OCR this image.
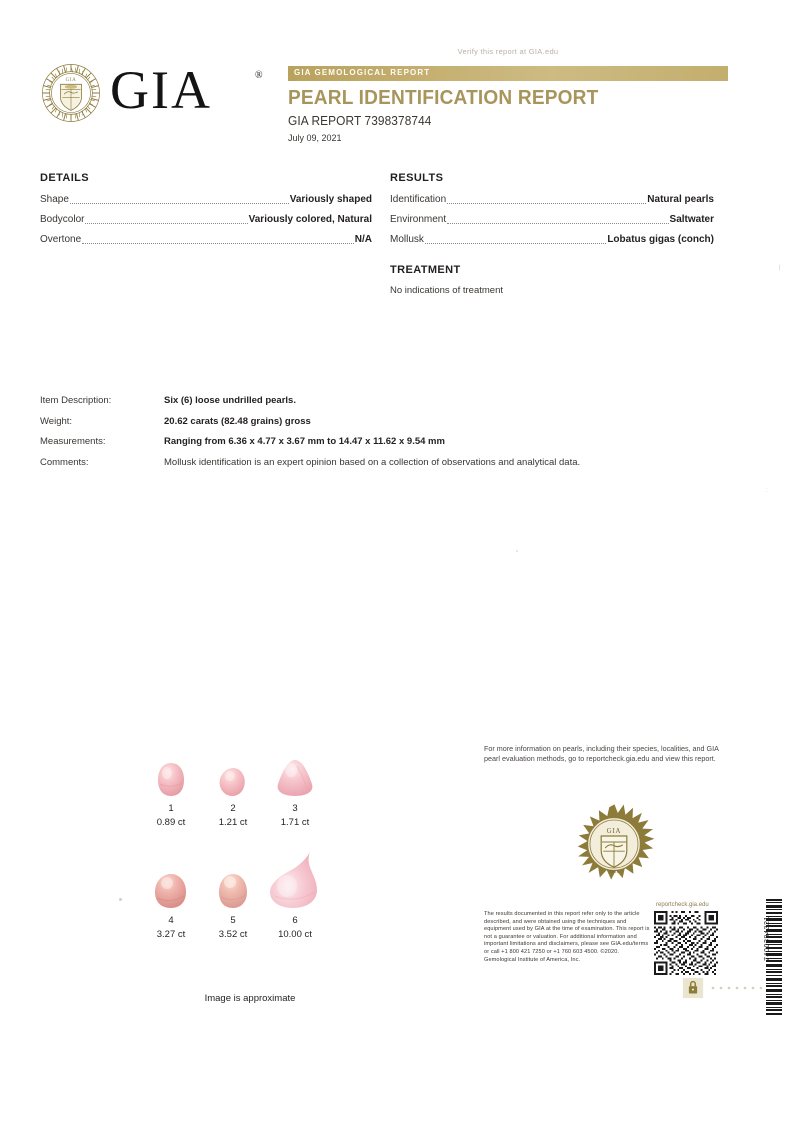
Verify this report at GIA.edu
GIA GEMOLOGICAL REPORT
PEARL IDENTIFICATION REPORT
GIA REPORT 7398378744
July 09, 2021
GIA GIA	®
DETAILS
Shape	Variously shaped
Bodycolor	Variously colored, Natural
Overtone	N/A
RESULTS
Identification	Natural pearls
Environment	Saltwater
Mollusk	Lobatus gigas (conch)
TREATMENT
No indications of treatment
Item Description:	Six (6) loose undrilled pearls.
Weight:	20.62 carats (82.48 grains) gross
Measurements:	Ranging from 6.36 x 4.77 x 3.67 mm to 14.47 x 11.62 x 9.54 mm
Comments:	Mollusk identification is an expert opinion based on a collection of observations and analytical data.
|
:
1
0.89 ct
2
1.21 ct
3
1.71 ct
4
3.27 ct
5
3.52 ct
6
10.00 ct
Image is approximate
For more information on pearls, including their species, localities, and GIA pearl evaluation methods, go to reportcheck.gia.edu and view this report.
GIA
1931
The results documented in this report refer only to the article described, and were obtained using the techniques and equipment used by GIA at the time of examination. This report is not a guarantee or valuation. For additional information and important limitations and disclaimers, please see GIA.edu/terms or call +1 800 421 7250 or +1 760 603 4500. ©2020. Gemological Institute of America, Inc.
reportcheck.gia.edu
7400394321
